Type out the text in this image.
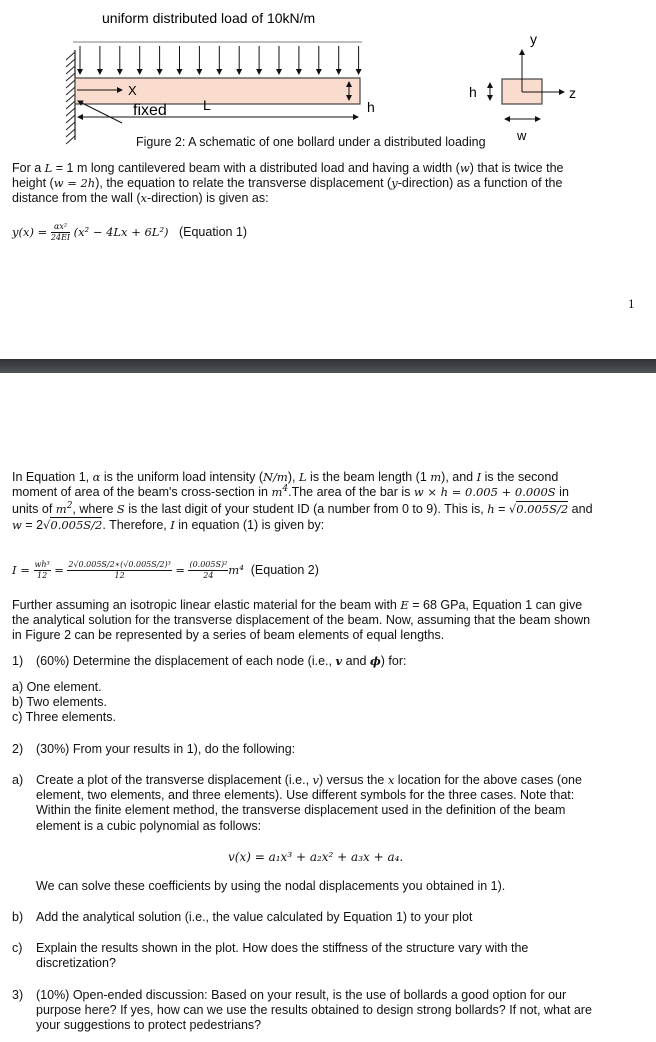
uniform distributed load of 10kN/m
X
h
fixed	L
y
z
h
w
Figure 2: A schematic of one bollard under a distributed loading
For a L = 1 m long cantilevered beam with a distributed load and having a width (w) that is twice the
height (w = 2h), the equation to relate the transverse displacement (y-direction) as a function of the
distance from the wall (x-direction) is given as:
$y(x) = \frac{\text{αx²}}{24EI} (x^2 - 4Lx + 6L^2)$ (Equation 1)
1
In Equation 1, α is the uniform load intensity (N/m), L is the beam length (1 m), and I is the second
moment of area of the beam's cross-section in $m^4.The$ area of the bar is w × h = 0.005 + 0.000S in
units of $m^2$, where S is the last digit of your student ID (a number from 0 to 9). This is, h = √0.005S/2 and
w = 2√0.005S/2. Therefore, I in equation (1) is given by:
$I = \frac{\text{wh³}}{12} = \frac{\text{2√0.005S/2∗(√0.005S/2)³}}{12} = \frac{\text{(0.005S)²}}{24} m^4$ (Equation 2)
Further assuming an isotropic linear elastic material for the beam with E = 68 GPa, Equation 1 can give
the analytical solution for the transverse displacement of the beam. Now, assuming that the beam shown
in Figure 2 can be represented by a series of beam elements of equal lengths.
1) (60%) Determine the displacement of each node (i.e., v and ϕ) for:
a) One element.
b) Two elements.
c) Three elements.
2) (30%) From your results in 1), do the following:
a) Create a plot of the transverse displacement (i.e., v) versus the x location for the above cases (one
element, two elements, and three elements). Use different symbols for the three cases. Note that:
Within the finite element method, the transverse displacement used in the definition of the beam
element is a cubic polynomial as follows:
v(x) = a₁x³ + a₂x² + a₃x + a₄.
We can solve these coefficients by using the nodal displacements you obtained in 1).
b) Add the analytical solution (i.e., the value calculated by Equation 1) to your plot
c) Explain the results shown in the plot. How does the stiffness of the structure vary with the
discretization?
3) (10%) Open-ended discussion: Based on your result, is the use of bollards a good option for our
purpose here? If yes, how can we use the results obtained to design strong bollards? If not, what are
your suggestions to protect pedestrians?
